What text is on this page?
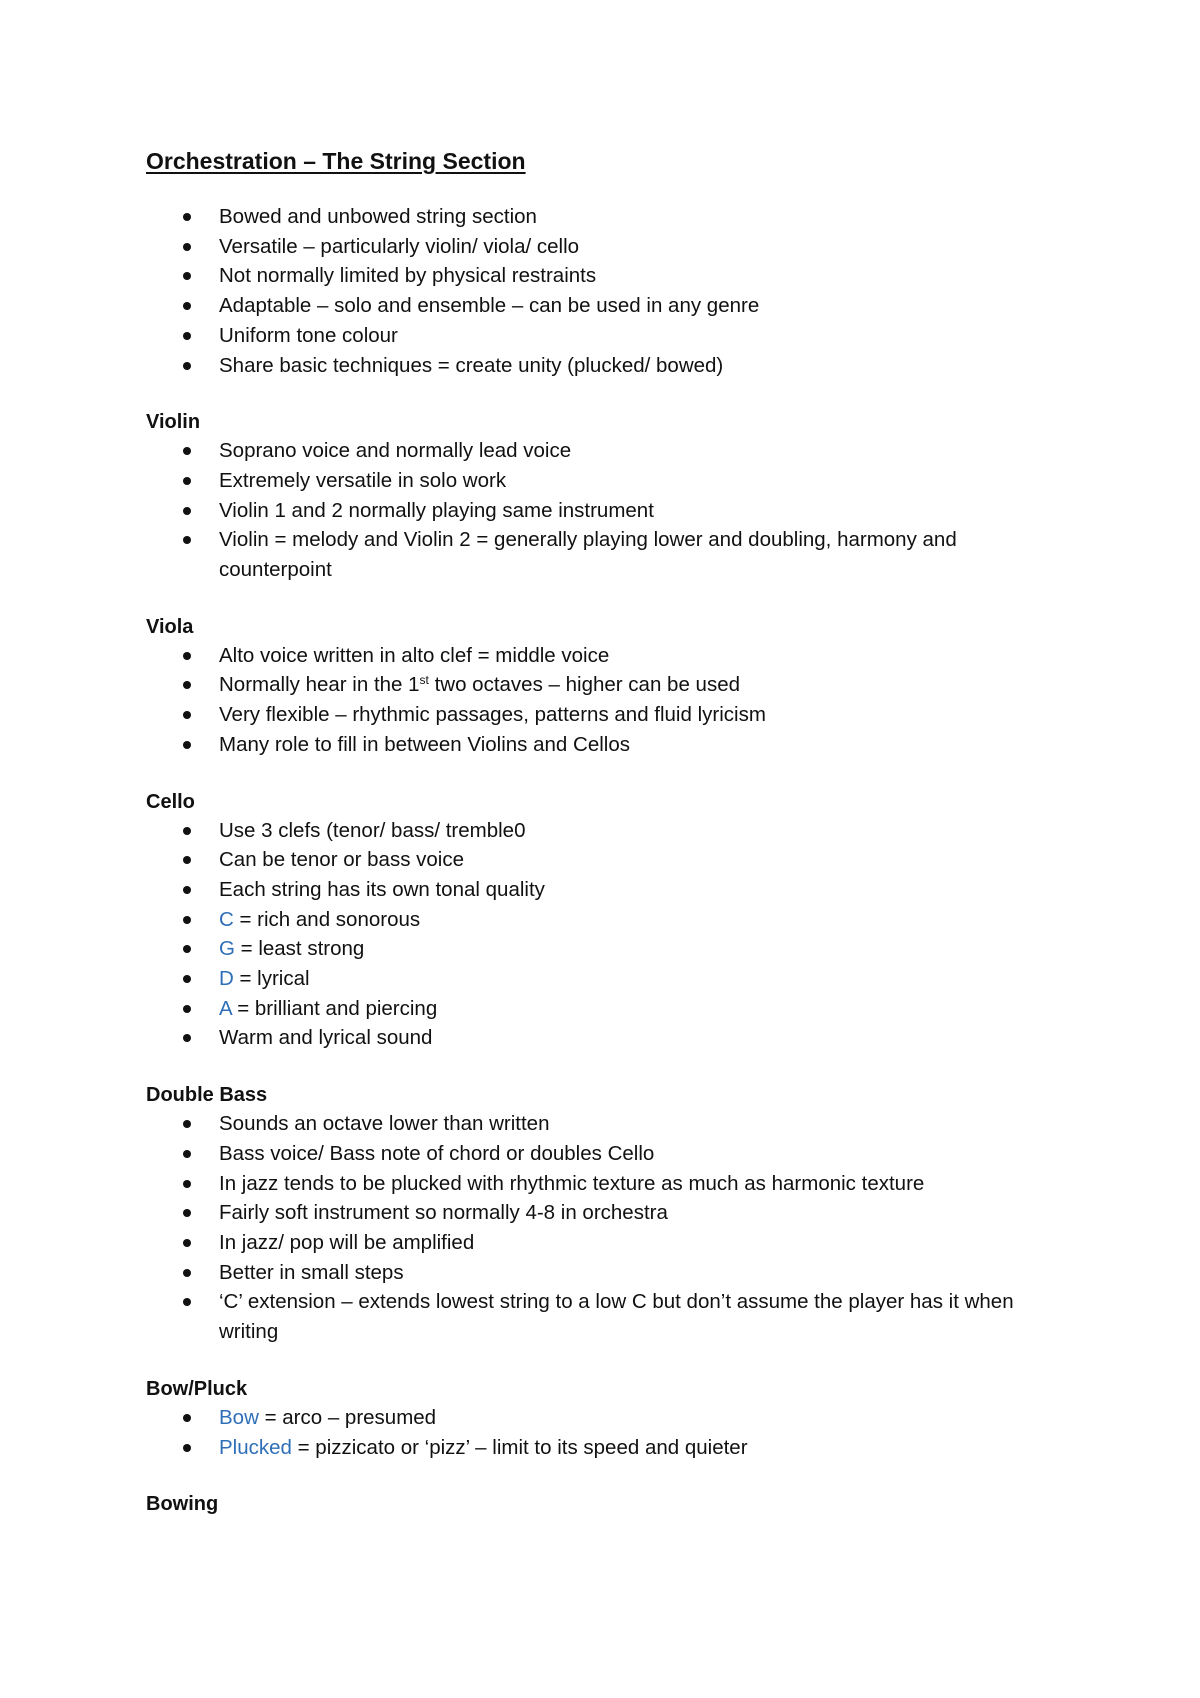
Orchestration – The String Section
Bowed and unbowed string section
Versatile – particularly violin/ viola/ cello
Not normally limited by physical restraints
Adaptable – solo and ensemble – can be used in any genre
Uniform tone colour
Share basic techniques = create unity (plucked/ bowed)
Violin
Soprano voice and normally lead voice
Extremely versatile in solo work
Violin 1 and 2 normally playing same instrument
Violin = melody and Violin 2 = generally playing lower and doubling, harmony and counterpoint
Viola
Alto voice written in alto clef = middle voice
Normally hear in the 1st two octaves – higher can be used
Very flexible – rhythmic passages, patterns and fluid lyricism
Many role to fill in between Violins and Cellos
Cello
Use 3 clefs (tenor/ bass/ tremble0
Can be tenor or bass voice
Each string has its own tonal quality
C = rich and sonorous
G = least strong
D = lyrical
A = brilliant and piercing
Warm and lyrical sound
Double Bass
Sounds an octave lower than written
Bass voice/ Bass note of chord or doubles Cello
In jazz tends to be plucked with rhythmic texture as much as harmonic texture
Fairly soft instrument so normally 4-8 in orchestra
In jazz/ pop will be amplified
Better in small steps
‘C’ extension – extends lowest string to a low C but don’t assume the player has it when writing
Bow/Pluck
Bow = arco – presumed
Plucked = pizzicato or ‘pizz’ – limit to its speed and quieter
Bowing
